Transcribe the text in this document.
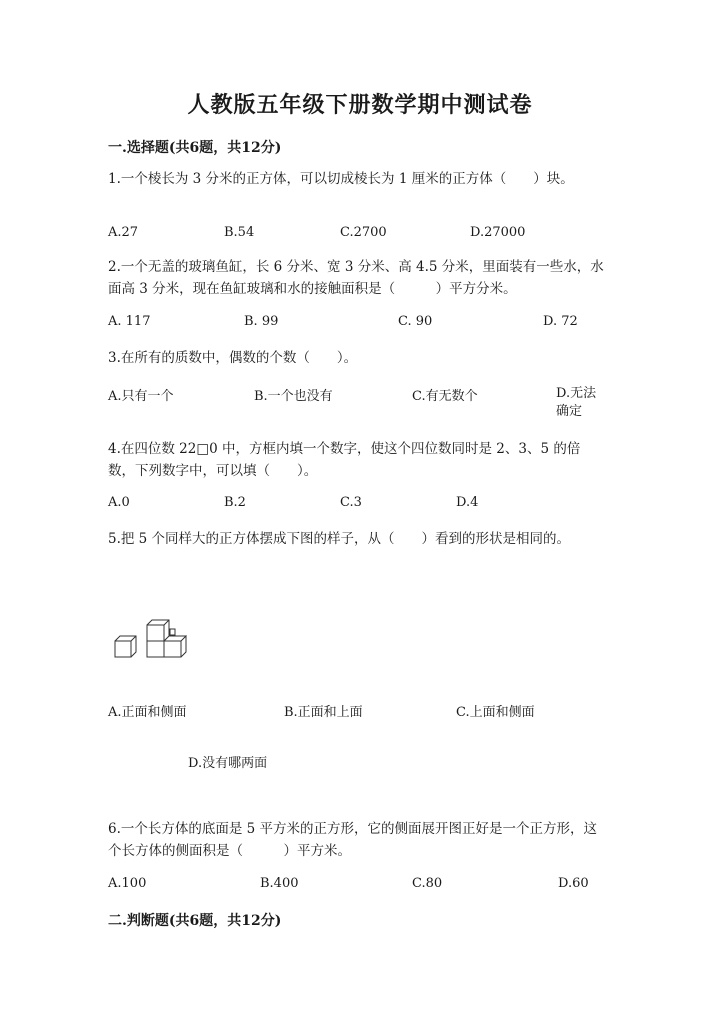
人教版五年级下册数学期中测试卷
一.选择题(共6题，共12分)
1.一个棱长为 3 分米的正方体，可以切成棱长为 1 厘米的正方体（　　）块。
A.27	B.54	C.2700	D.27000
2.一个无盖的玻璃鱼缸，长 6 分米、宽 3 分米、高 4.5 分米，里面装有一些水，水面高 3 分米，现在鱼缸玻璃和水的接触面积是（　　　）平方分米。
A. 117	B. 99	C. 90	D. 72
3.在所有的质数中，偶数的个数（　　）。
A.只有一个	B.一个也没有	C.有无数个	D.无法确定
4.在四位数 22□0 中，方框内填一个数字，使这个四位数同时是 2、3、5 的倍数，下列数字中，可以填（　　）。
A.0	B.2	C.3	D.4
5.把 5 个同样大的正方体摆成下图的样子，从（　　）看到的形状是相同的。
A.正面和侧面	B.正面和上面	C.上面和侧面
D.没有哪两面
6.一个长方体的底面是 5 平方米的正方形，它的侧面展开图正好是一个正方形，这个长方体的侧面积是（　　　）平方米。
A.100	B.400	C.80	D.60
二.判断题(共6题，共12分)
